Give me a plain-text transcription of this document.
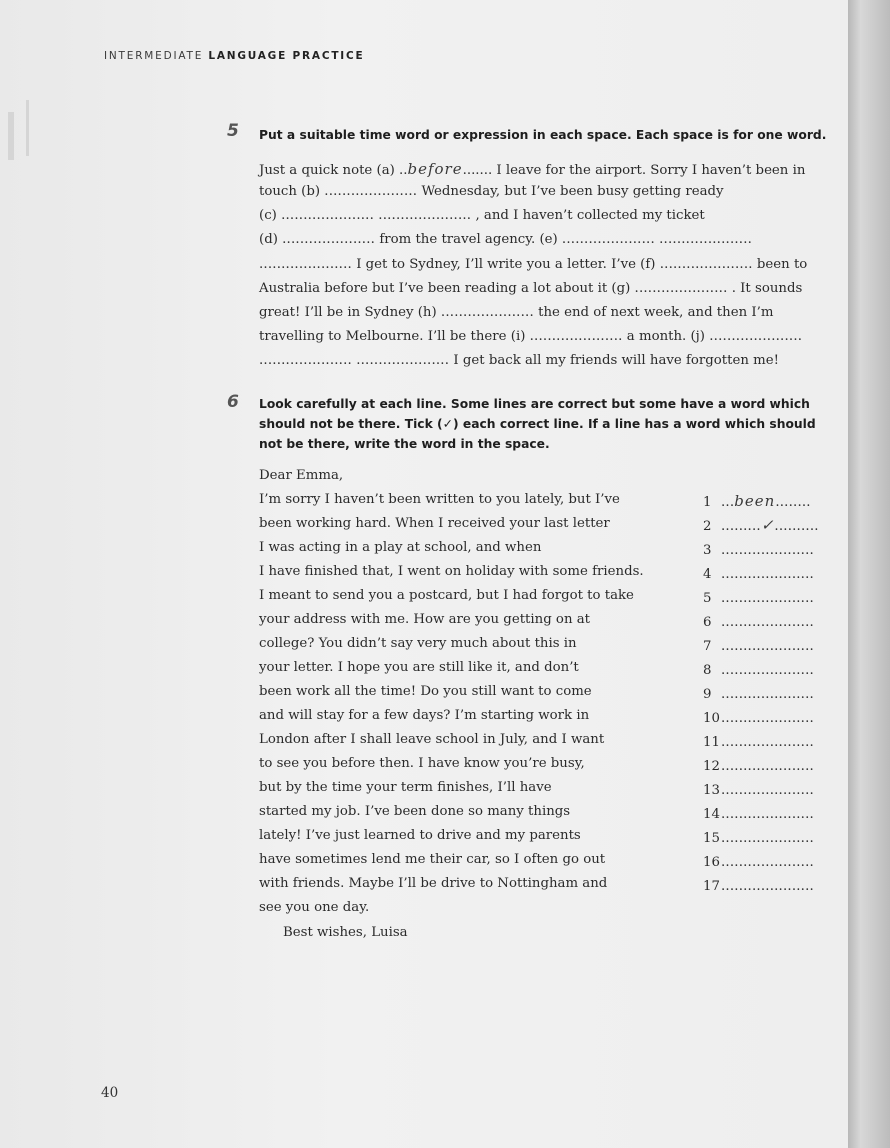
INTERMEDIATE LANGUAGE PRACTICE
5 Put a suitable time word or expression in each space. Each space is for one word.
Just a quick note (a) ..before....... I leave for the airport. Sorry I haven’t been in
touch (b) ..................... Wednesday, but I’ve been busy getting ready
(c) ..................... ..................... , and I haven’t collected my ticket
(d) ..................... from the travel agency. (e) ..................... .....................
..................... I get to Sydney, I’ll write you a letter. I’ve (f) ..................... been to
Australia before but I’ve been reading a lot about it (g) ..................... . It sounds
great! I’ll be in Sydney (h) ..................... the end of next week, and then I’m
travelling to Melbourne. I’ll be there (i) ..................... a month. (j) .....................
..................... ..................... I get back all my friends will have forgotten me!
6 Look carefully at each line. Some lines are correct but some have a word which
should not be there. Tick (✓) each correct line. If a line has a word which should
not be there, write the word in the space.
Dear Emma,
I’m sorry I haven’t been written to you lately, but I’ve
been working hard. When I received your last letter
I was acting in a play at school, and when
I have finished that, I went on holiday with some friends.
I meant to send you a postcard, but I had forgot to take
your address with me. How are you getting on at
college? You didn’t say very much about this in
your letter. I hope you are still like it, and don’t
been work all the time! Do you still want to come
and will stay for a few days? I’m starting work in
London after I shall leave school in July, and I want
to see you before then. I have know you’re busy,
but by the time your term finishes, I’ll have
started my job. I’ve been done so many things
lately! I’ve just learned to drive and my parents
have sometimes lend me their car, so I often go out
with friends. Maybe I’ll be drive to Nottingham and
see you one day.
1 ...been........
2 .........✓..........
3 .....................
4 .....................
5 .....................
6 .....................
7 .....................
8 .....................
9 .....................
10.....................
11.....................
12.....................
13.....................
14.....................
15.....................
16.....................
17.....................
Best wishes, Luisa
40
